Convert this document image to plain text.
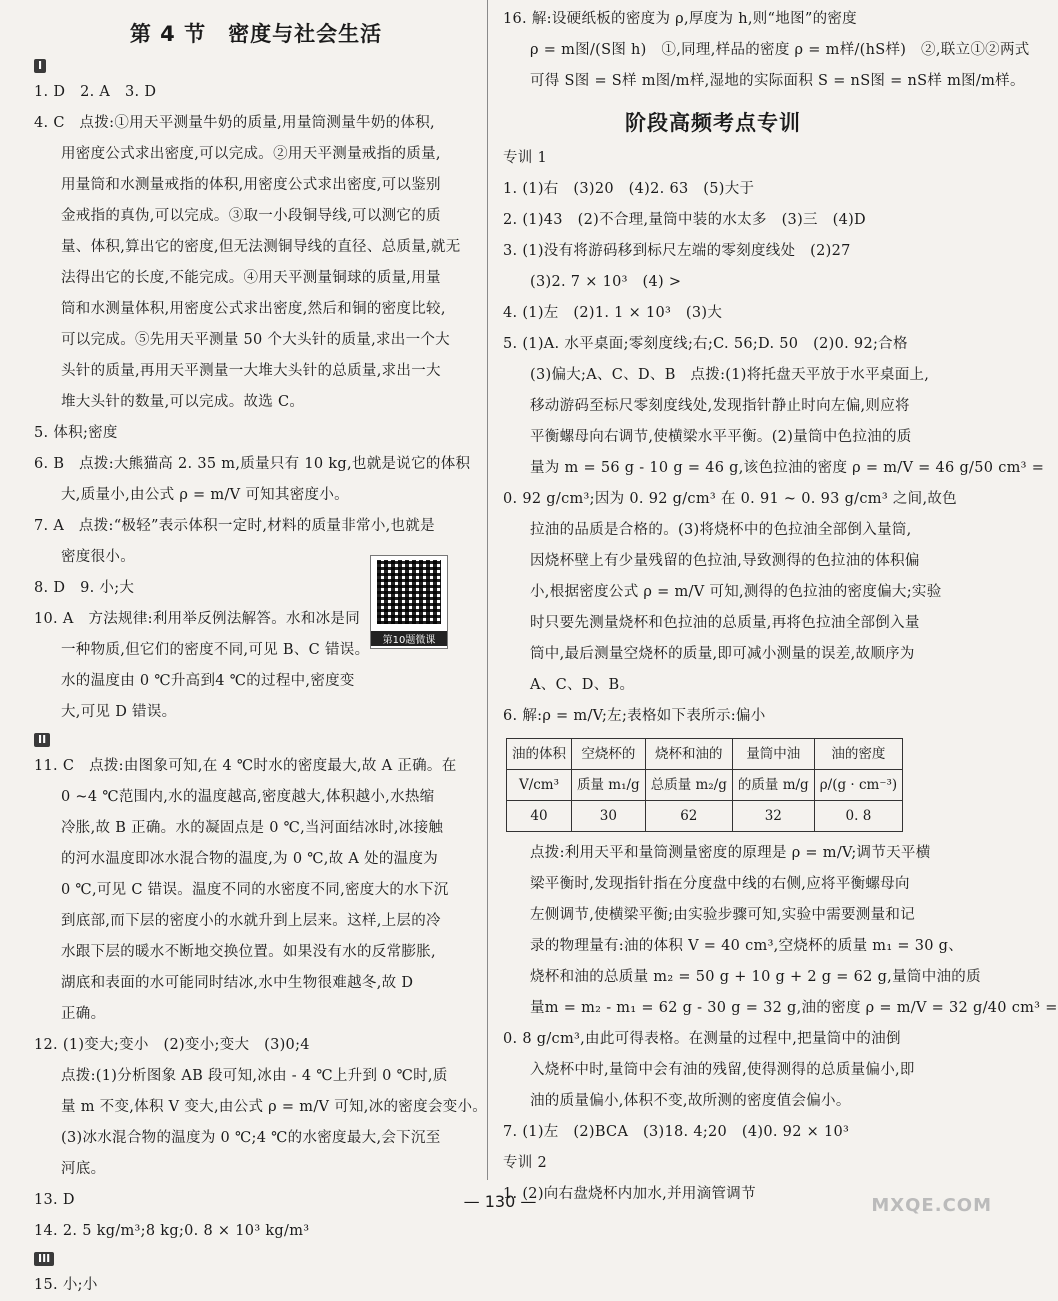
第 4 节　密度与社会生活
I
1. D　2. A　3. D
4. C　点拨:①用天平测量牛奶的质量,用量筒测量牛奶的体积,
用密度公式求出密度,可以完成。②用天平测量戒指的质量,
用量筒和水测量戒指的体积,用密度公式求出密度,可以鉴别
金戒指的真伪,可以完成。③取一小段铜导线,可以测它的质
量、体积,算出它的密度,但无法测铜导线的直径、总质量,就无
法得出它的长度,不能完成。④用天平测量铜球的质量,用量
筒和水测量体积,用密度公式求出密度,然后和铜的密度比较,
可以完成。⑤先用天平测量 50 个大头针的质量,求出一个大
头针的质量,再用天平测量一大堆大头针的总质量,求出一大
堆大头针的数量,可以完成。故选 C。
5. 体积;密度
6. B　点拨:大熊猫高 2. 35 m,质量只有 10 kg,也就是说它的体积
大,质量小,由公式 ρ = m/V 可知其密度小。
7. A　点拨:“极轻”表示体积一定时,材料的质量非常小,也就是
密度很小。
8. D　9. 小;大
10. A　方法规律:利用举反例法解答。水和冰是同
一种物质,但它们的密度不同,可见 B、C 错误。
水的温度由 0 ℃升高到4 ℃的过程中,密度变
大,可见 D 错误。
II
11. C　点拨:由图象可知,在 4 ℃时水的密度最大,故 A 正确。在
0 ~4 ℃范围内,水的温度越高,密度越大,体积越小,水热缩
冷胀,故 B 正确。水的凝固点是 0 ℃,当河面结冰时,冰接触
的河水温度即冰水混合物的温度,为 0 ℃,故 A 处的温度为
0 ℃,可见 C 错误。温度不同的水密度不同,密度大的水下沉
到底部,而下层的密度小的水就升到上层来。这样,上层的冷
水跟下层的暖水不断地交换位置。如果没有水的反常膨胀,
湖底和表面的水可能同时结冰,水中生物很难越冬,故 D
正确。
12. (1)变大;变小　(2)变小;变大　(3)0;4
点拨:(1)分析图象 AB 段可知,冰由 - 4 ℃上升到 0 ℃时,质
量 m 不变,体积 V 变大,由公式 ρ = m/V 可知,冰的密度会变小。
(3)冰水混合物的温度为 0 ℃;4 ℃的水密度最大,会下沉至
河底。
13. D
14. 2. 5 kg/m³;8 kg;0. 8 × 10³ kg/m³
III
15. 小;小
第10题微课
16. 解:设硬纸板的密度为 ρ,厚度为 h,则“地图”的密度
ρ = m图/(S图 h)　①,同理,样品的密度 ρ = m样/(hS样)　②,联立①②两式
可得 S图 = S样 m图/m样,湿地的实际面积 S = nS图 = nS样 m图/m样。
阶段高频考点专训
专训 1
1. (1)右　(3)20　(4)2. 63　(5)大于
2. (1)43　(2)不合理,量筒中装的水太多　(3)三　(4)D
3. (1)没有将游码移到标尺左端的零刻度线处　(2)27
(3)2. 7 × 10³　(4) >
4. (1)左　(2)1. 1 × 10³　(3)大
5. (1)A. 水平桌面;零刻度线;右;C. 56;D. 50　(2)0. 92;合格
(3)偏大;A、C、D、B　点拨:(1)将托盘天平放于水平桌面上,
移动游码至标尺零刻度线处,发现指针静止时向左偏,则应将
平衡螺母向右调节,使横梁水平平衡。(2)量筒中色拉油的质
量为 m = 56 g - 10 g = 46 g,该色拉油的密度 ρ = m/V = 46 g/50 cm³ =
0. 92 g/cm³;因为 0. 92 g/cm³ 在 0. 91 ~ 0. 93 g/cm³ 之间,故色
拉油的品质是合格的。(3)将烧杯中的色拉油全部倒入量筒,
因烧杯壁上有少量残留的色拉油,导致测得的色拉油的体积偏
小,根据密度公式 ρ = m/V 可知,测得的色拉油的密度偏大;实验
时只要先测量烧杯和色拉油的总质量,再将色拉油全部倒入量
筒中,最后测量空烧杯的质量,即可减小测量的误差,故顺序为
A、C、D、B。
6. 解:ρ = m/V;左;表格如下表所示:偏小
油的体积	空烧杯的	烧杯和油的	量筒中油	油的密度
V/cm³	质量 m₁/g	总质量 m₂/g	的质量 m/g	ρ/(g · cm⁻³)
40	30	62	32	0. 8
点拨:利用天平和量筒测量密度的原理是 ρ = m/V;调节天平横
梁平衡时,发现指针指在分度盘中线的右侧,应将平衡螺母向
左侧调节,使横梁平衡;由实验步骤可知,实验中需要测量和记
录的物理量有:油的体积 V = 40 cm³,空烧杯的质量 m₁ = 30 g、
烧杯和油的总质量 m₂ = 50 g + 10 g + 2 g = 62 g,量筒中油的质
量m = m₂ - m₁ = 62 g - 30 g = 32 g,油的密度 ρ = m/V = 32 g/40 cm³ =
0. 8 g/cm³,由此可得表格。在测量的过程中,把量筒中的油倒
入烧杯中时,量筒中会有油的残留,使得测得的总质量偏小,即
油的质量偏小,体积不变,故所测的密度值会偏小。
7. (1)左　(2)BCA　(3)18. 4;20　(4)0. 92 × 10³
专训 2
1. (2)向右盘烧杯内加水,并用滴管调节
— 130 —	MXQE.COM
